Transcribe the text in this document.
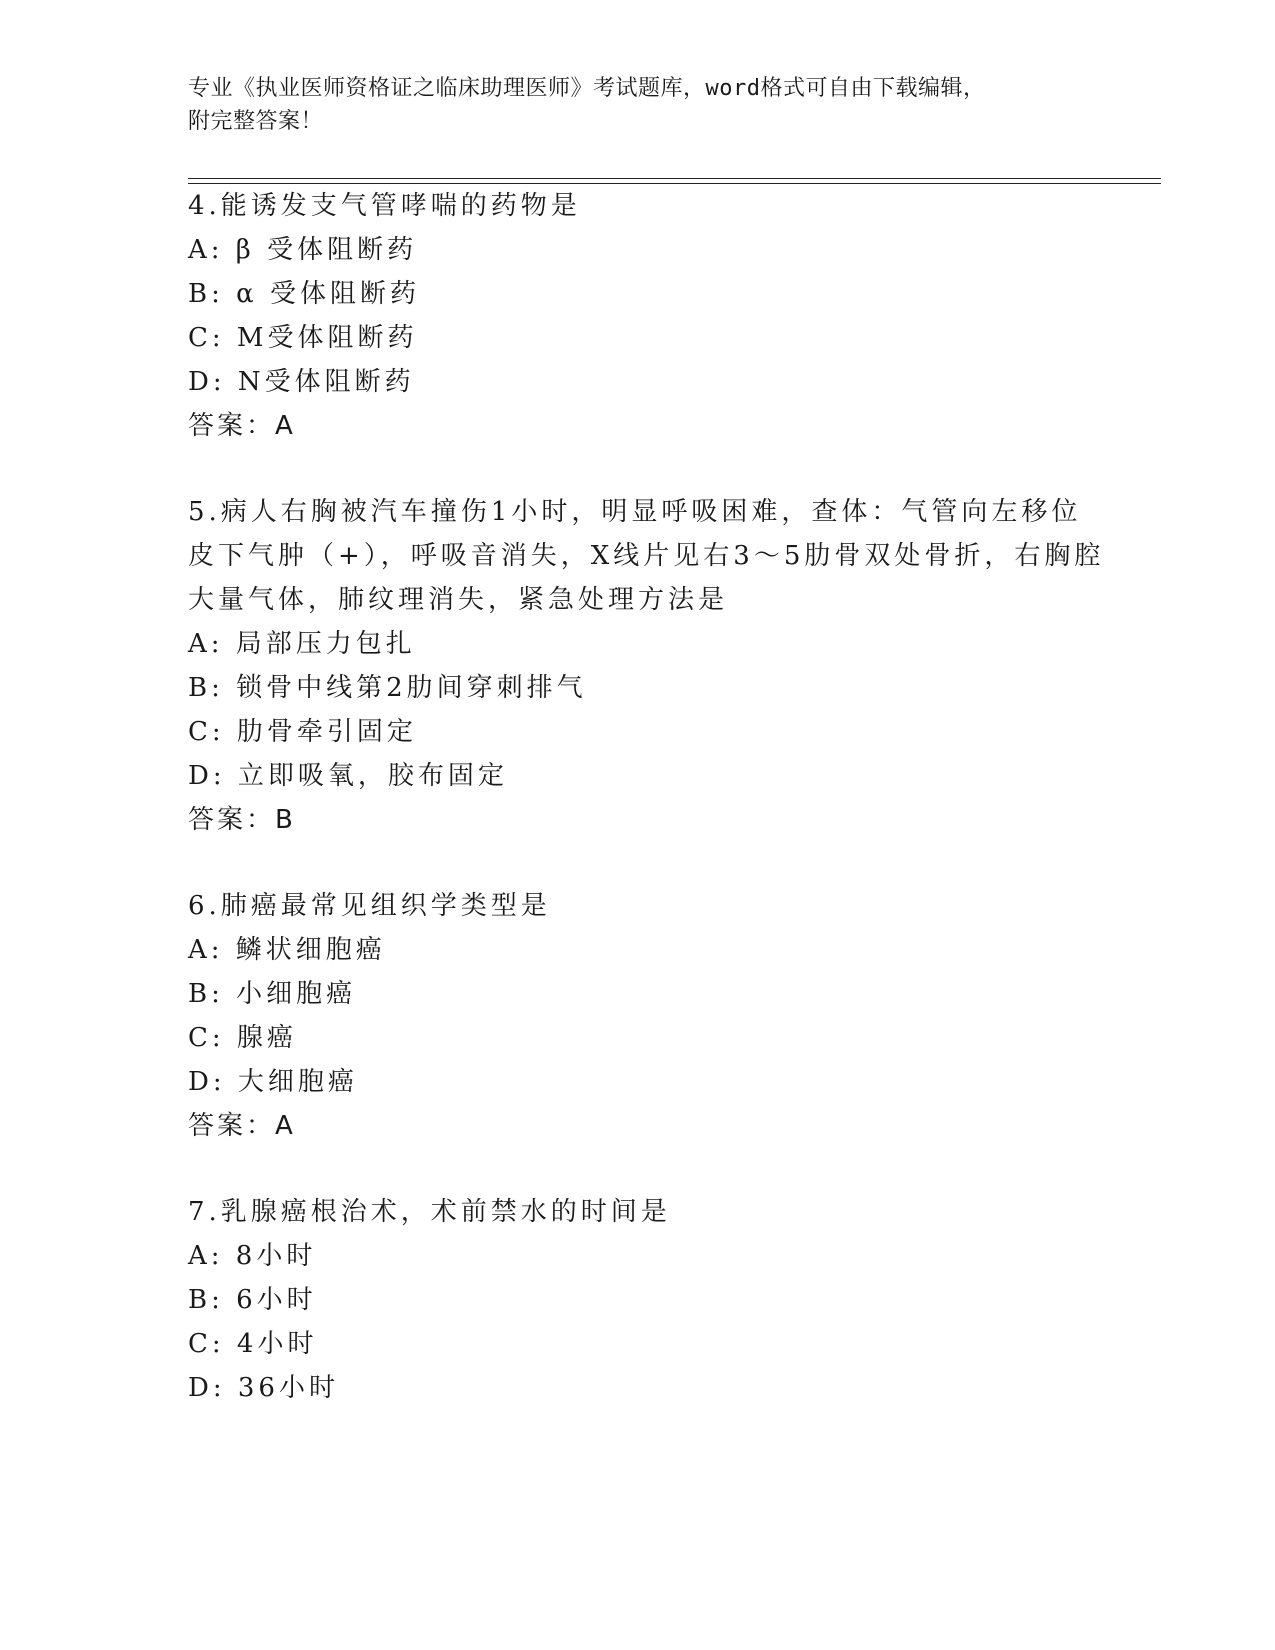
专业《执业医师资格证之临床助理医师》考试题库，word格式可自由下载编辑，
附完整答案！
4.能诱发支气管哮喘的药物是
A: β 受体阻断药
B: α 受体阻断药
C: M受体阻断药
D: N受体阻断药
答案：A
5.病人右胸被汽车撞伤1小时，明显呼吸困难，查体：气管向左移位
皮下气肿（+），呼吸音消失，X线片见右3～5肋骨双处骨折，右胸腔
大量气体，肺纹理消失，紧急处理方法是
A: 局部压力包扎
B: 锁骨中线第2肋间穿刺排气
C: 肋骨牵引固定
D: 立即吸氧，胶布固定
答案：B
6.肺癌最常见组织学类型是
A: 鳞状细胞癌
B: 小细胞癌
C: 腺癌
D: 大细胞癌
答案：A
7.乳腺癌根治术，术前禁水的时间是
A: 8小时
B: 6小时
C: 4小时
D: 36小时
